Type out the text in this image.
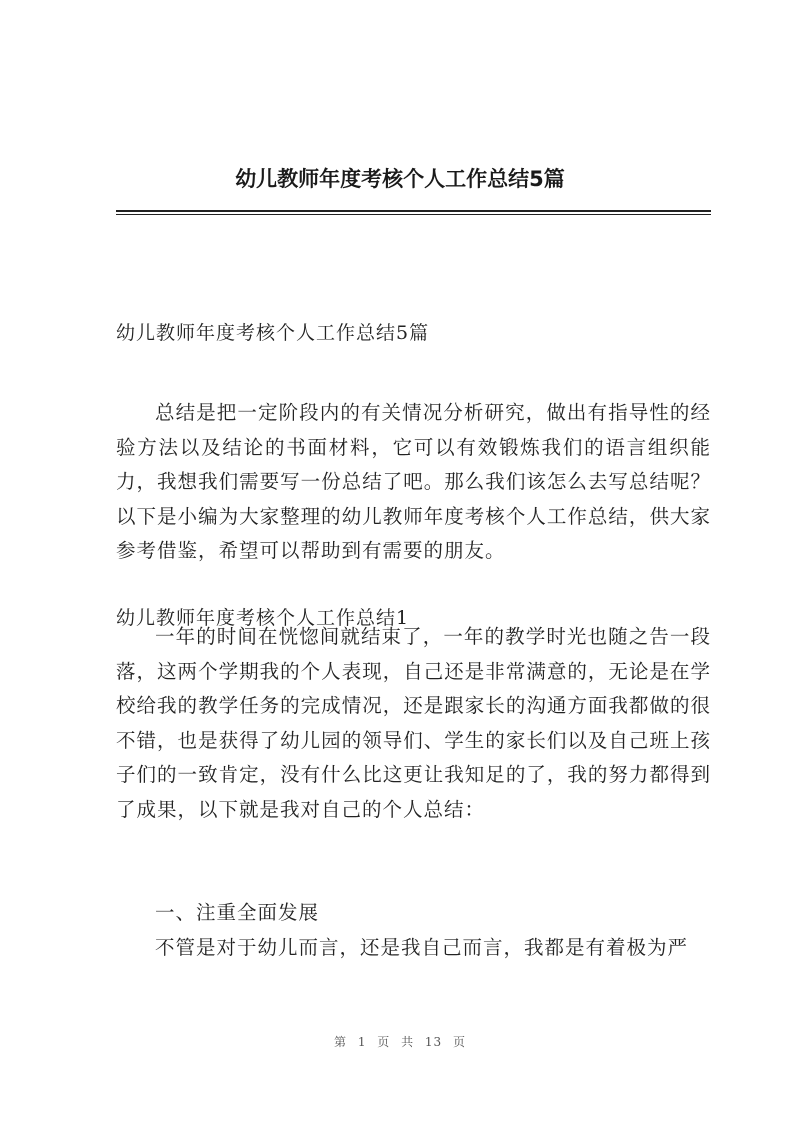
幼儿教师年度考核个人工作总结5篇
幼儿教师年度考核个人工作总结5篇
总结是把一定阶段内的有关情况分析研究，做出有指导性的经验方法以及结论的书面材料，它可以有效锻炼我们的语言组织能力，我想我们需要写一份总结了吧。那么我们该怎么去写总结呢？以下是小编为大家整理的幼儿教师年度考核个人工作总结，供大家参考借鉴，希望可以帮助到有需要的朋友。
幼儿教师年度考核个人工作总结1
一年的时间在恍惚间就结束了，一年的教学时光也随之告一段落，这两个学期我的个人表现，自己还是非常满意的，无论是在学校给我的教学任务的完成情况，还是跟家长的沟通方面我都做的很不错，也是获得了幼儿园的领导们、学生的家长们以及自己班上孩子们的一致肯定，没有什么比这更让我知足的了，我的努力都得到了成果，以下就是我对自己的个人总结：
一、注重全面发展
不管是对于幼儿而言，还是我自己而言，我都是有着极为严
第 1 页 共 13 页
